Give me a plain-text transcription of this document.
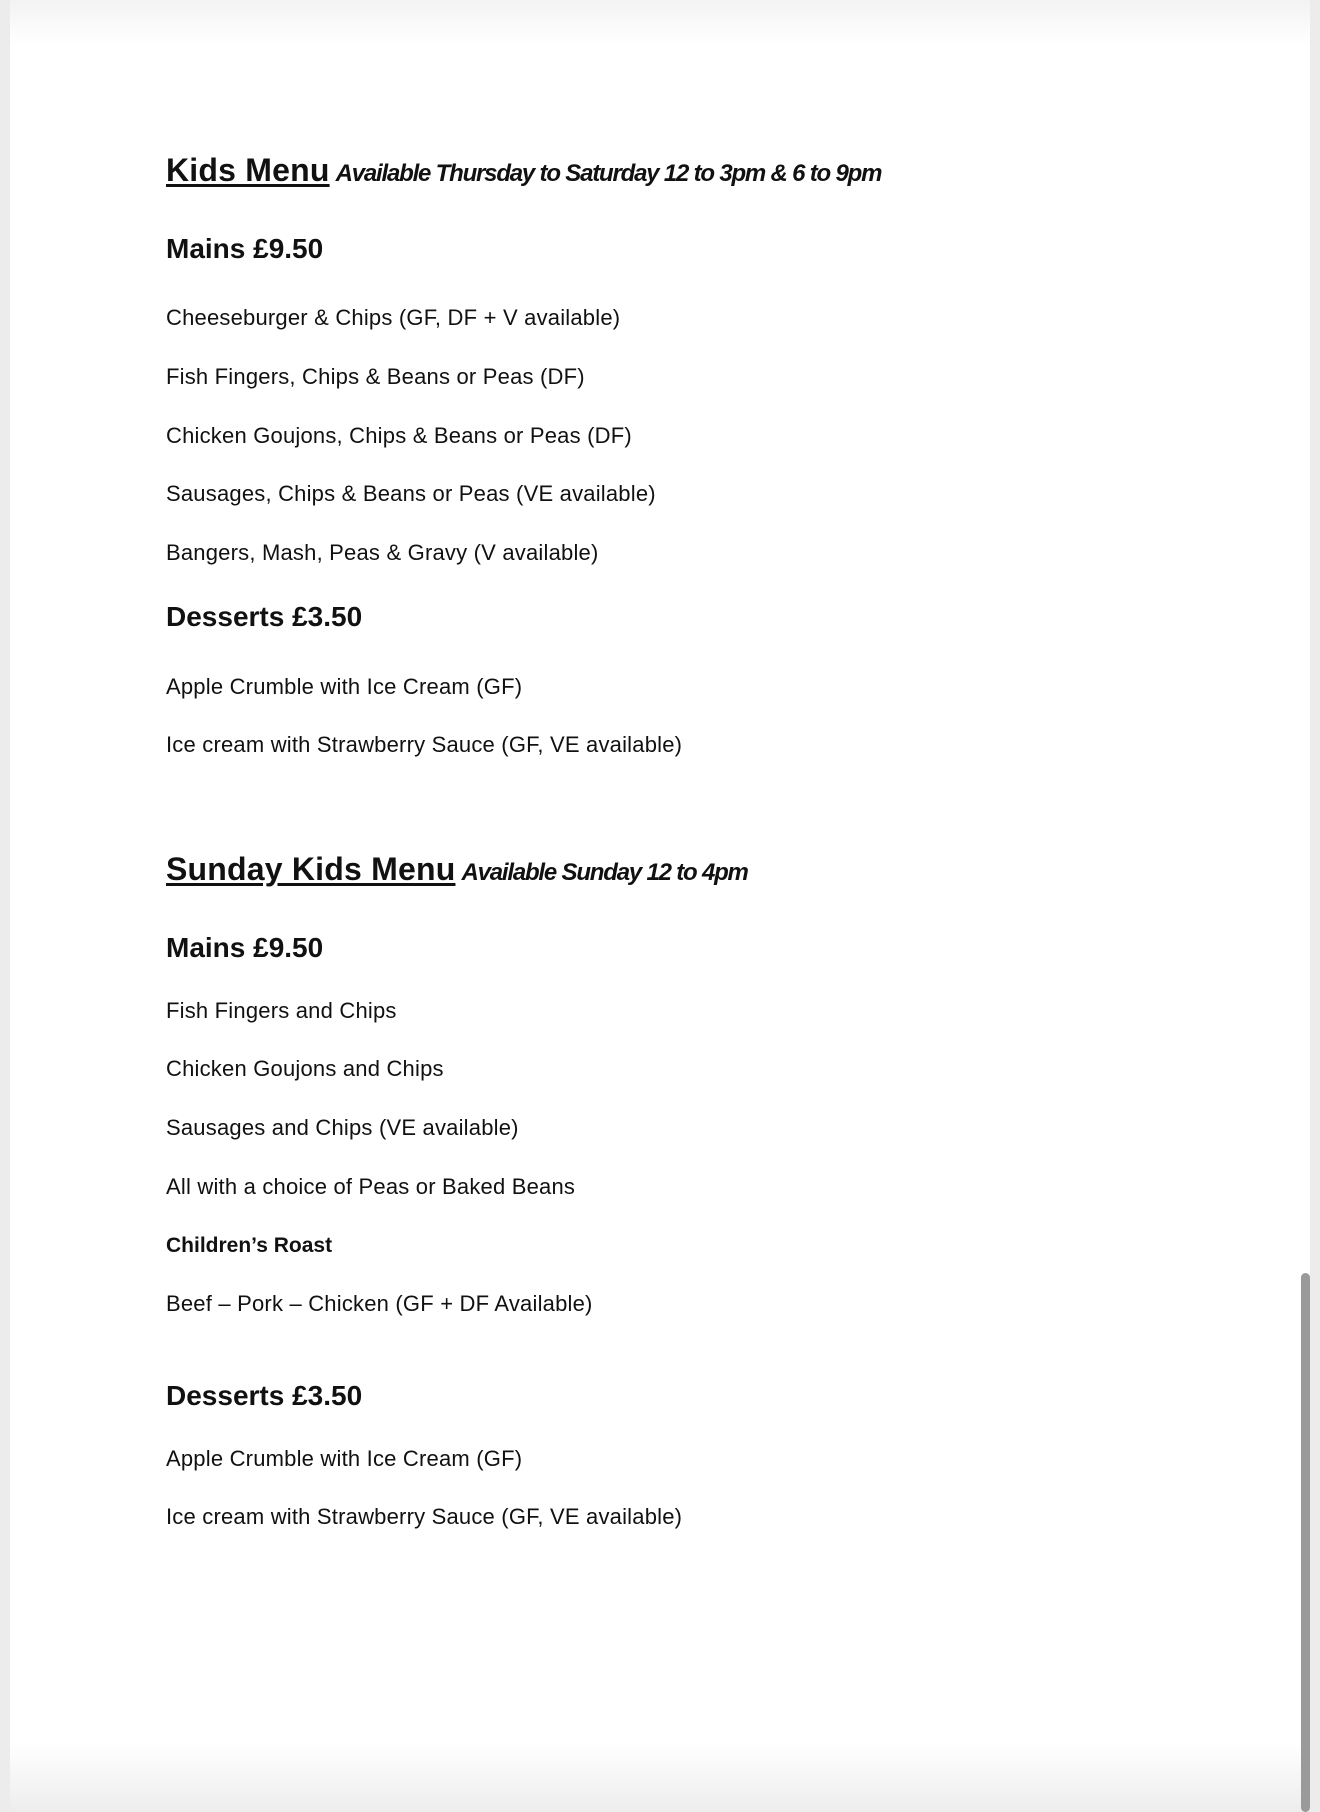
Kids Menu Available Thursday to Saturday 12 to 3pm & 6 to 9pm
Mains £9.50
Cheeseburger & Chips (GF, DF + V available)
Fish Fingers, Chips & Beans or Peas (DF)
Chicken Goujons, Chips & Beans or Peas (DF)
Sausages, Chips & Beans or Peas (VE available)
Bangers, Mash, Peas & Gravy (V available)
Desserts £3.50
Apple Crumble with Ice Cream (GF)
Ice cream with Strawberry Sauce (GF, VE available)
Sunday Kids Menu Available Sunday 12 to 4pm
Mains £9.50
Fish Fingers and Chips
Chicken Goujons and Chips
Sausages and Chips (VE available)
All with a choice of Peas or Baked Beans
Children’s Roast
Beef – Pork – Chicken (GF + DF Available)
Desserts £3.50
Apple Crumble with Ice Cream (GF)
Ice cream with Strawberry Sauce (GF, VE available)
